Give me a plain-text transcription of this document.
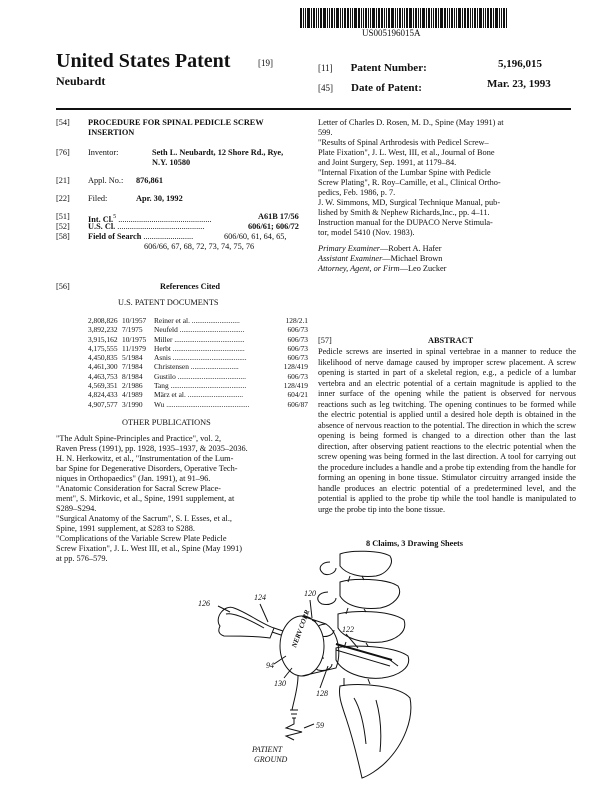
US005196015A
United States Patent	[19]
Neubardt
[11] Patent Number:	5,196,015
[45] Date of Patent:	Mar. 23, 1993
[54] PROCEDURE FOR SPINAL PEDICLE SCREW INSERTION
[76] Inventor:	Seth L. Neubardt, 12 Shore Rd., Rye,
N.Y. 10580
[21] Appl. No.: 876,861
[22] Filed:	Apr. 30, 1992
[51] Int. Cl.$^5$ .............................................	A61B 17/56
[52] U.S. Cl. ..........................................	606/61; 606/72
[58] Field of Search ........................	606/60, 61, 64, 65,
606/66, 67, 68, 72, 73, 74, 75, 76
[56]	References Cited
U.S. PATENT DOCUMENTS
2,808,826 10/1957	Reiner et al. ..........................	128/2.1
3,892,232 7/1975	Neufeld ...................................	606/73
3,915,162 10/1975	Miller ......................................	606/73
4,175,555 11/1979	Herbt .......................................	606/73
4,450,835 5/1984	Asnis ........................................	606/73
4,461,300 7/1984	Christensen ..........................	128/419
4,463,753 8/1984	Gustilo .....................................	606/73
4,569,351 2/1986	Tang .........................................	128/419
4,824,433 4/1989	März et al. ..............................	604/21
4,907,577 3/1990	Wu .............................................	606/87
OTHER PUBLICATIONS
"The Adult Spine-Principles and Practice", vol. 2,
Raven Press (1991), pp. 1928, 1935–1937, & 2035–2036.
H. N. Herkowitz, et al., "Instrumentation of the Lum-
bar Spine for Degenerative Disorders, Operative Tech-
niques in Orthopaedics" (Jan. 1991), at 91–96.
"Anatomic Consideration for Sacral Screw Place-
ment", S. Mirkovic, et al., Spine, 1991 supplement, at
S289–S294.
"Surgical Anatomy of the Sacrum", S. I. Esses, et al.,
Spine, 1991 supplement, at S283 to S288.
"Complications of the Variable Screw Plate Pedicle
Screw Fixation", J. L. West III, et al., Spine (May 1991)
at pp. 576–579.
Letter of Charles D. Rosen, M. D., Spine (May 1991) at
599.
"Results of Spinal Arthrodesis with Pedicel Screw–
Plate Fixation", J. L. West, III, et al., Journal of Bone
and Joint Surgery, Sep. 1991, at 1179–84.
"Internal Fixation of the Lumbar Spine with Pedicle
Screw Plating", R. Roy–Camille, et al., Clinical Ortho-
pedics, Feb. 1986, p. 7.
J. W. Simmons, MD, Surgical Technique Manual, pub-
lished by Smith & Nephew Richards,Inc., pp. 4–11.
Instruction manual for the DUPACO Nerve Stimula-
tor, model 5410 (Nov. 1983).
Primary Examiner—Robert A. Hafer
Assistant Examiner—Michael Brown
Attorney, Agent, or Firm—Leo Zucker
[57]	ABSTRACT
Pedicle screws are inserted in spinal vertebrae in a manner to reduce the likelihood of nerve damage caused by improper screw placement. A screw opening is started in part of a skeletal region, e.g., a pedicle of a lumbar vertebra and an electric potential of a certain magnitude is applied to the inner surface of the opening while the patient is observed for nervous reactions such as leg twitching. The opening continues to be formed while the electric potential is applied until a desired hole depth is obtained in the absence of nervous reaction to the potential. The direction in which the screw opening is being formed is changed to a direction other than the last direction, after observing patient reactions to the electric potential when the screw opening was being formed in the last direction. A tool for carrying out the procedure includes a handle and a probe tip extending from the handle for forming an opening in bone tissue. Stimulator circuitry arranged inside the handle produces an electric potential of a predetermined level, and the potential is applied to the probe tip while the tool handle is manipulated to urge the probe tip into the bone tissue.
8 Claims, 3 Drawing Sheets
NERV CORR
126
124	120
122
94
130
128
59
PATIENT
GROUND
